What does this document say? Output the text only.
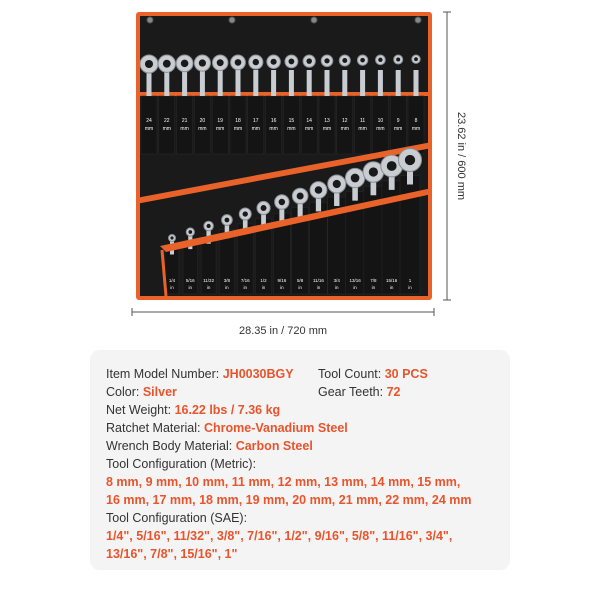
24
mm
22
mm
21
mm
20
mm
19
mm
18
mm
17
mm
16
mm
15
mm
14
mm
13
mm
12
mm
11
mm
10
mm
9
mm
8
mm
1/4
in
5/16
in
11/32
in
3/8
in
7/16
in
1/2
in
9/16
in
5/8
in
11/16
in
3/4
in
13/16
in
7/8
in
15/16
in
1
in
23.62 in / 600 mm
28.35 in / 720 mm
Item Model Number: JH0030BGY Tool Count: 30 PCS
Color: Silver	Gear Teeth: 72
Net Weight: 16.22 lbs / 7.36 kg
Ratchet Material: Chrome-Vanadium Steel
Wrench Body Material: Carbon Steel
Tool Configuration (Metric):
8 mm, 9 mm, 10 mm, 11 mm, 12 mm, 13 mm, 14 mm, 15 mm,
16 mm, 17 mm, 18 mm, 19 mm, 20 mm, 21 mm, 22 mm, 24 mm
Tool Configuration (SAE):
1/4", 5/16", 11/32", 3/8", 7/16", 1/2", 9/16", 5/8", 11/16", 3/4",
13/16", 7/8", 15/16", 1"
